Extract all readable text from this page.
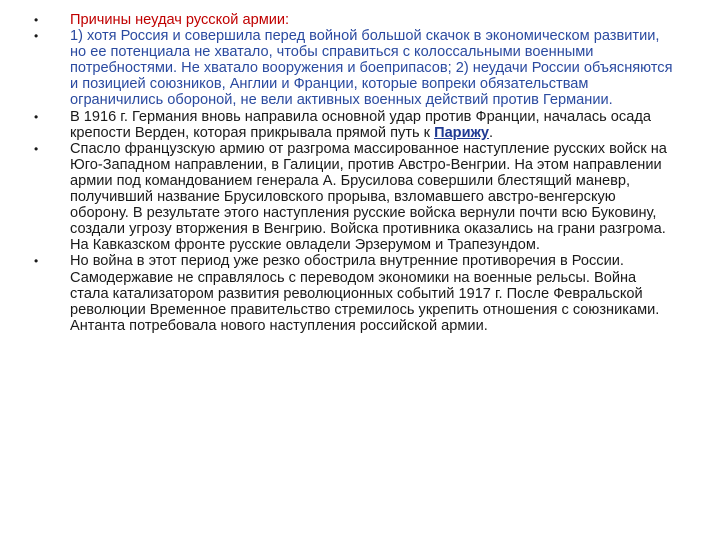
•	Причины неудач русской армии:
•	1) хотя Россия и совершила перед войной большой скачок в экономическом развитии, но ее потенциала не хватало, чтобы справиться с колоссальными военными потребностями. Не хватало вооружения и боеприпасов; 2) неудачи России объясняются и позицией союзников, Англии и Франции, которые вопреки обязательствам ограничились обороной, не вели активных военных действий против Германии.
•	В 1916 г. Германия вновь направила основной удар против Франции, началась осада крепости Верден, которая прикрывала прямой путь к Парижу.
•	Спасло французскую армию от разгрома массированное наступление русских войск на Юго-Западном направлении, в Галиции, против Австро-Венгрии. На этом направлении армии под командованием генерала А. Брусилова совершили блестящий маневр, получивший название Брусиловского прорыва, взломавшего австро-венгерскую оборону. В результате этого наступления русские войска вернули почти всю Буковину, создали угрозу вторжения в Венгрию. Войска противника оказались на грани разгрома. На Кавказском фронте русские овладели Эрзерумом и Трапезундом.
•	Но война в этот период уже резко обострила внутренние противоречия в России. Самодержавие не справлялось с переводом экономики на военные рельсы. Война стала катализатором развития революционных событий 1917 г. После Февральской революции Временное правительство стремилось укрепить отношения с союзниками. Антанта потребовала нового наступления российской армии.
